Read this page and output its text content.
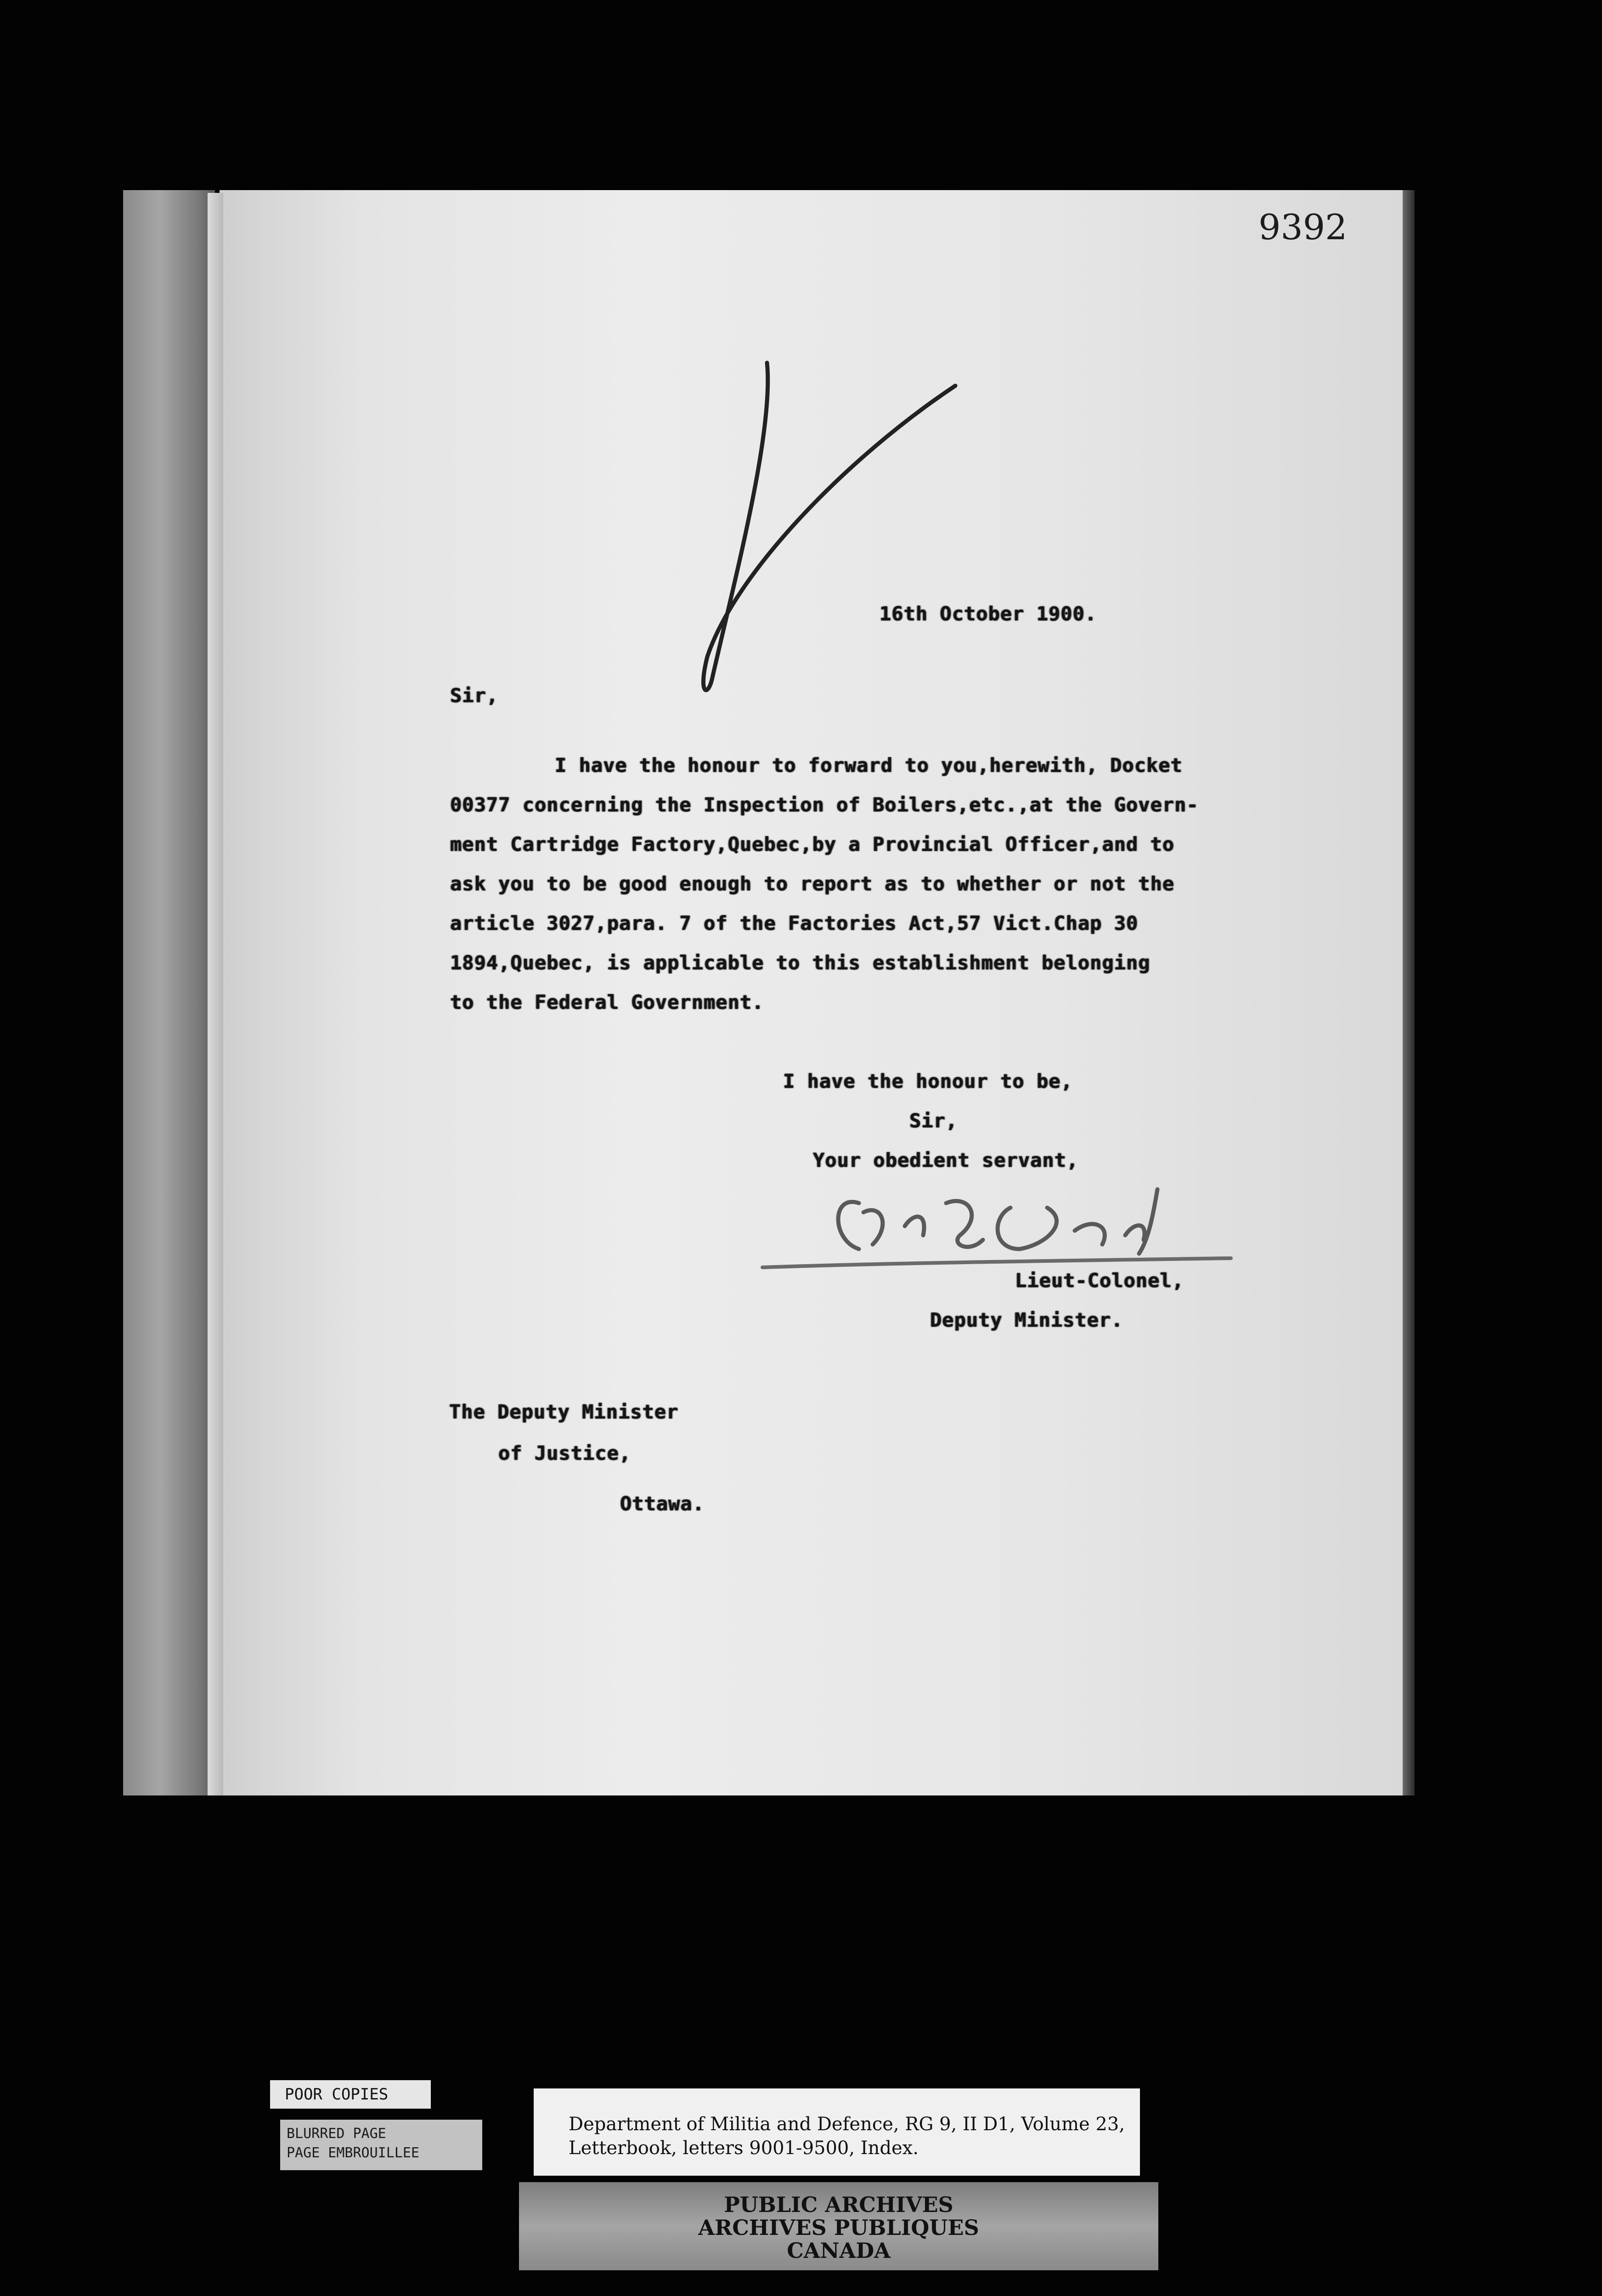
9392
16th October 1900.
Sir,
I have the honour to forward to you,herewith, Docket
00377 concerning the Inspection of Boilers,etc.,at the Govern-
ment Cartridge Factory,Quebec,by a Provincial Officer,and to
ask you to be good enough to report as to whether or not the
article 3027,para. 7 of the Factories Act,57 Vict.Chap 30
1894,Quebec, is applicable to this establishment belonging
to the Federal Government.
I have the honour to be,
Sir,
Your obedient servant,
Lieut-Colonel,
Deputy Minister.
The Deputy Minister
of Justice,
Ottawa.
POOR COPIES
BLURRED PAGE
PAGE EMBROUILLEE
Department of Militia and Defence, RG 9, II D1, Volume 23,
Letterbook, letters 9001-9500, Index.
PUBLIC ARCHIVES
ARCHIVES PUBLIQUES
CANADA
